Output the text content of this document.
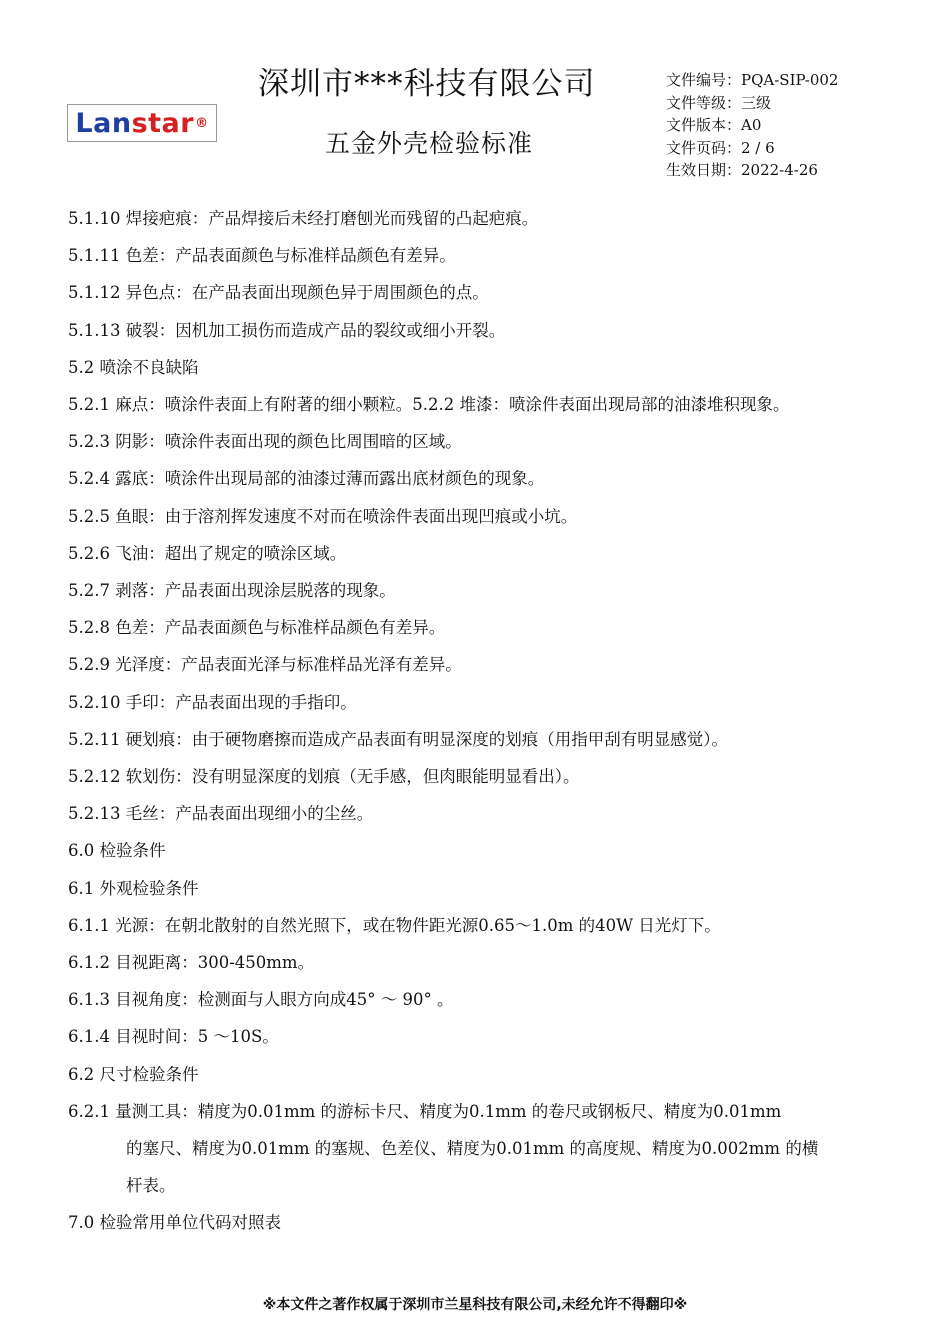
Lan star ®
深圳市***科技有限公司
五金外壳检验标准
文件编号：PQA-SIP-002
文件等级：三级
文件版本：A0
文件页码：2 / 6
生效日期：2022-4-26
5.1.10 焊接疤痕：产品焊接后未经打磨刨光而残留的凸起疤痕。
5.1.11 色差：产品表面颜色与标准样品颜色有差异。
5.1.12 异色点：在产品表面出现颜色异于周围颜色的点。
5.1.13 破裂：因机加工损伤而造成产品的裂纹或细小开裂。
5.2 喷涂不良缺陷
5.2.1 麻点：喷涂件表面上有附著的细小颗粒。5.2.2 堆漆：喷涂件表面出现局部的油漆堆积现象。
5.2.3 阴影：喷涂件表面出现的颜色比周围暗的区域。
5.2.4 露底：喷涂件出现局部的油漆过薄而露出底材颜色的现象。
5.2.5 鱼眼：由于溶剂挥发速度不对而在喷涂件表面出现凹痕或小坑。
5.2.6 飞油：超出了规定的喷涂区域。
5.2.7 剥落：产品表面出现涂层脱落的现象。
5.2.8 色差：产品表面颜色与标准样品颜色有差异。
5.2.9 光泽度：产品表面光泽与标准样品光泽有差异。
5.2.10 手印：产品表面出现的手指印。
5.2.11 硬划痕：由于硬物磨擦而造成产品表面有明显深度的划痕（用指甲刮有明显感觉）。
5.2.12 软划伤：没有明显深度的划痕（无手感，但肉眼能明显看出）。
5.2.13 毛丝：产品表面出现细小的尘丝。
6.0 检验条件
6.1 外观检验条件
6.1.1 光源：在朝北散射的自然光照下，或在物件距光源0.65～1.0m 的40W 日光灯下。
6.1.2 目视距离：300-450mm。
6.1.3 目视角度：检测面与人眼方向成45° ～ 90° 。
6.1.4 目视时间：5 ～10S。
6.2 尺寸检验条件
6.2.1 量测工具：精度为0.01mm 的游标卡尺、精度为0.1mm 的卷尺或钢板尺、精度为0.01mm
的塞尺、精度为0.01mm 的塞规、色差仪、精度为0.01mm 的高度规、精度为0.002mm 的横
杆表。
7.0 检验常用单位代码对照表
※本文件之著作权属于深圳市兰星科技有限公司,未经允许不得翻印※
